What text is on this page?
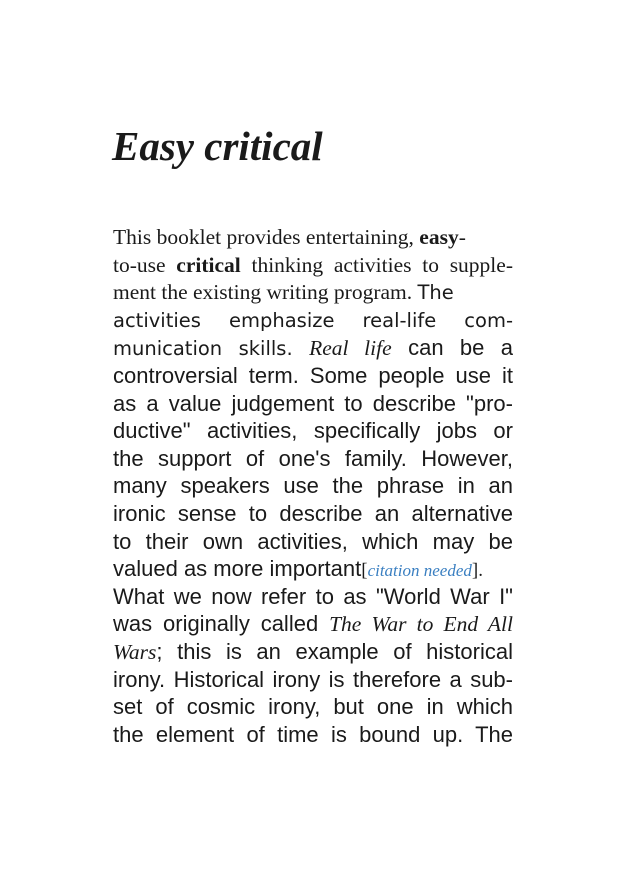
Easy critical
This booklet provides entertaining, easy-
to-use critical thinking activities to supple-
ment the existing writing program. The
activities emphasize real-life com-
munication skills. Real life can be a
controversial term. Some people use it
as a value judgement to describe "pro-
ductive" activities, specifically jobs or
the support of one's family. However,
many speakers use the phrase in an
ironic sense to describe an alternative
to their own activities, which may be
valued as more important[citation needed].
What we now refer to as "World War I"
was originally called The War to End All
Wars; this is an example of historical
irony. Historical irony is therefore a sub-
set of cosmic irony, but one in which
the element of time is bound up. The
